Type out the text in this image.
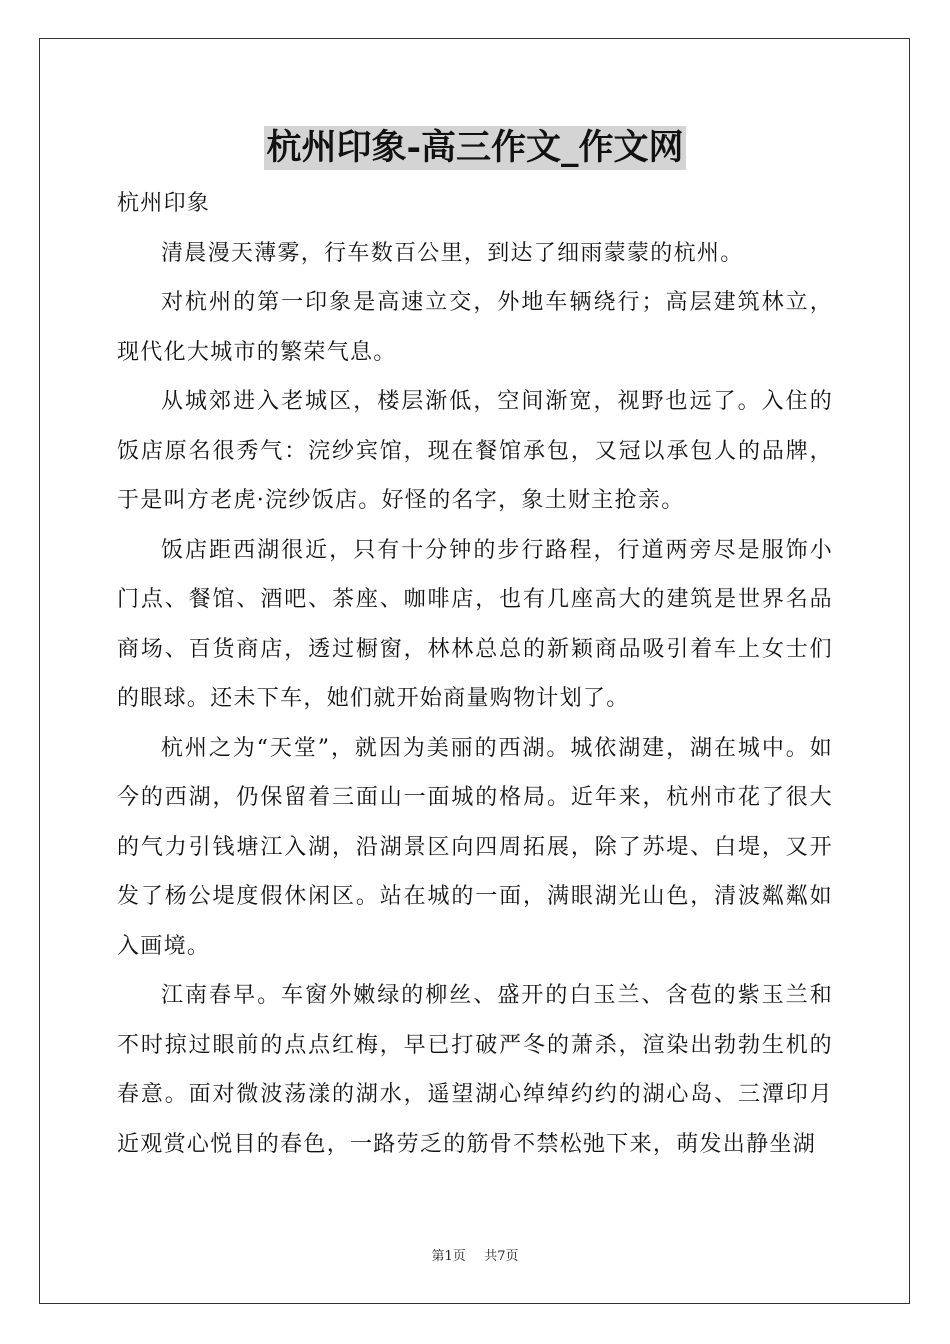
杭州印象-高三作文_作文网

杭州印象

清晨漫天薄雾，行车数百公里，到达了细雨蒙蒙的杭州。

对杭州的第一印象是高速立交，外地车辆绕行；高层建筑林立，现代化大城市的繁荣气息。

从城郊进入老城区，楼层渐低，空间渐宽，视野也远了。入住的饭店原名很秀气：浣纱宾馆，现在餐馆承包，又冠以承包人的品牌，于是叫方老虎·浣纱饭店。好怪的名字，象土财主抢亲。

饭店距西湖很近，只有十分钟的步行路程，行道两旁尽是服饰小门点、餐馆、酒吧、茶座、咖啡店，也有几座高大的建筑是世界名品商场、百货商店，透过橱窗，林林总总的新颖商品吸引着车上女士们的眼球。还未下车，她们就开始商量购物计划了。

杭州之为“天堂”，就因为美丽的西湖。城依湖建，湖在城中。如今的西湖，仍保留着三面山一面城的格局。近年来，杭州市花了很大的气力引钱塘江入湖，沿湖景区向四周拓展，除了苏堤、白堤，又开发了杨公堤度假休闲区。站在城的一面，满眼湖光山色，清波粼粼如入画境。

江南春早。车窗外嫩绿的柳丝、盛开的白玉兰、含苞的紫玉兰和不时掠过眼前的点点红梅，早已打破严冬的萧杀，渲染出勃勃生机的春意。面对微波荡漾的湖水，遥望湖心绰绰约约的湖心岛、三潭印月近观赏心悦目的春色，一路劳乏的筋骨不禁松弛下来，萌发出静坐湖

第1页 共7页
